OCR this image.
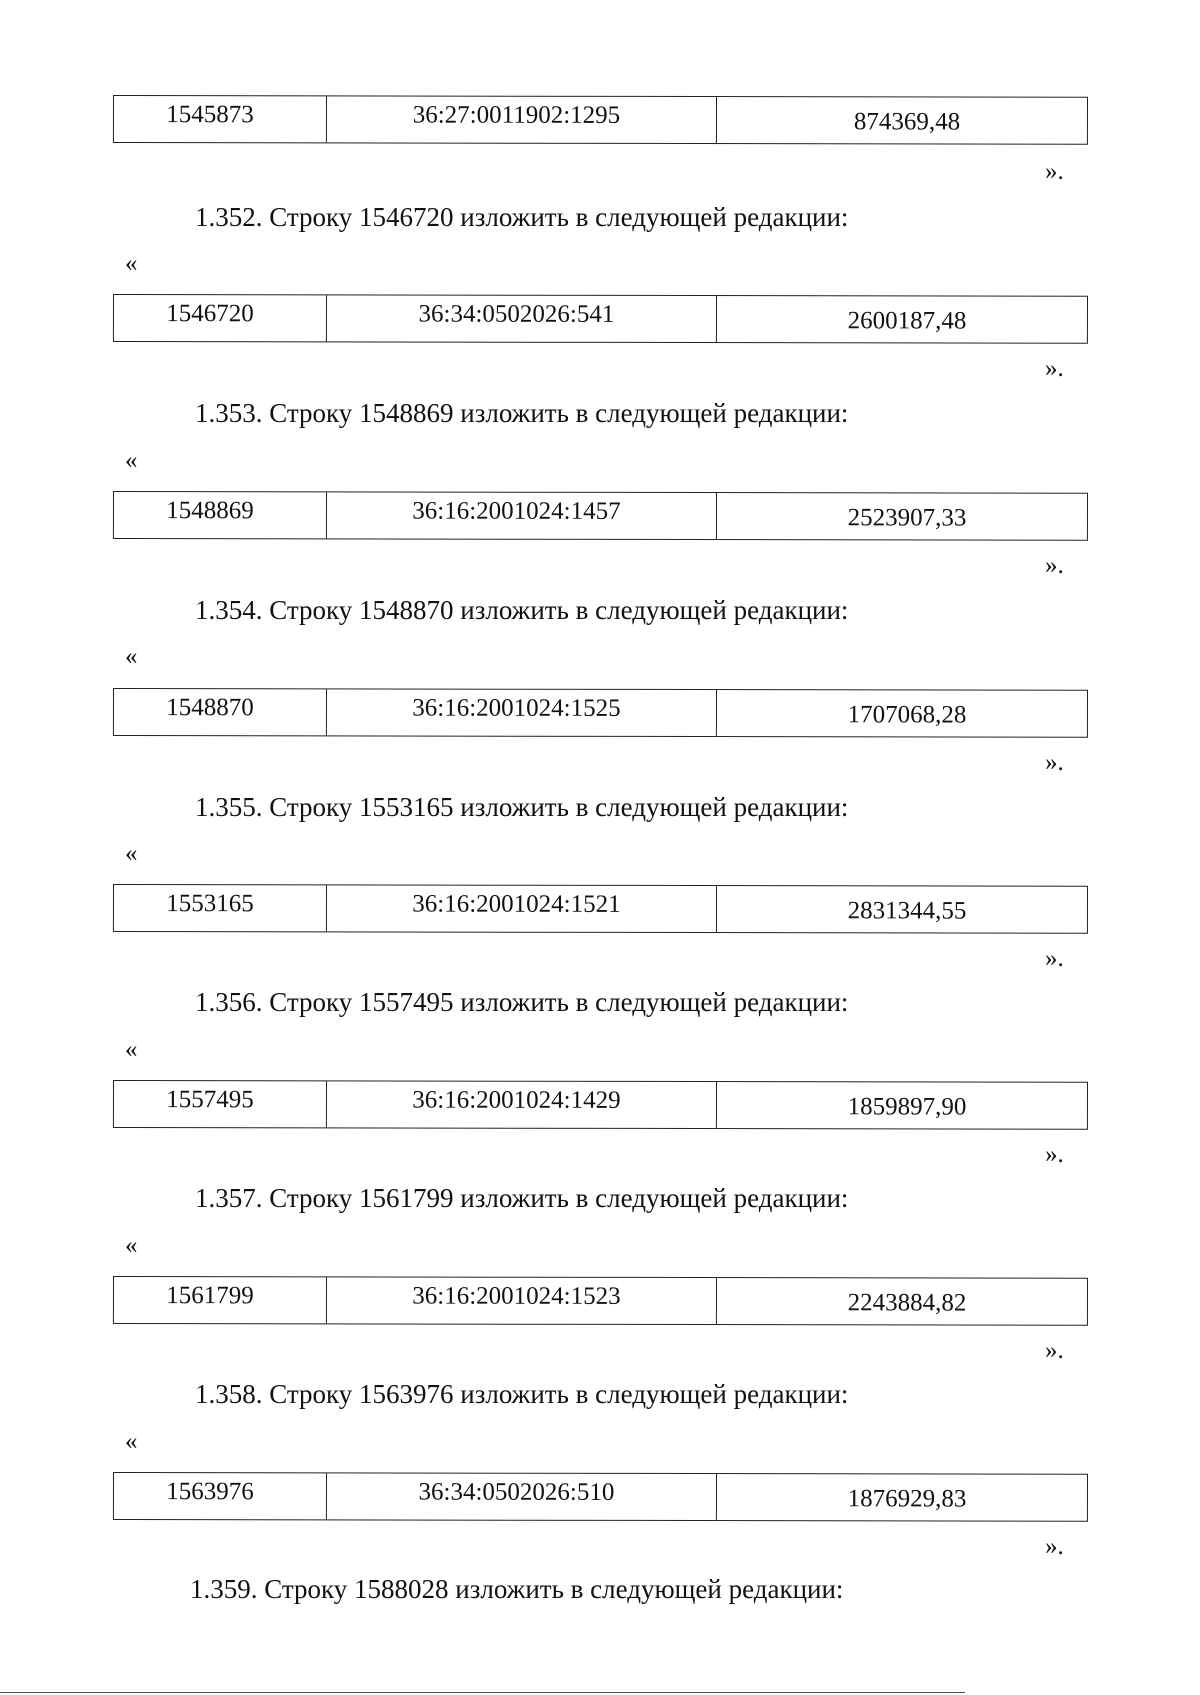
1545873	36:27:0011902:1295	874369,48
».
1.352. Строку 1546720 изложить в следующей редакции:
«
1546720	36:34:0502026:541	2600187,48
».
1.353. Строку 1548869 изложить в следующей редакции:
«
1548869	36:16:2001024:1457	2523907,33
».
1.354. Строку 1548870 изложить в следующей редакции:
«
1548870	36:16:2001024:1525	1707068,28
».
1.355. Строку 1553165 изложить в следующей редакции:
«
1553165	36:16:2001024:1521	2831344,55
».
1.356. Строку 1557495 изложить в следующей редакции:
«
1557495	36:16:2001024:1429	1859897,90
».
1.357. Строку 1561799 изложить в следующей редакции:
«
1561799	36:16:2001024:1523	2243884,82
».
1.358. Строку 1563976 изложить в следующей редакции:
«
1563976	36:34:0502026:510	1876929,83
».
1.359. Строку 1588028 изложить в следующей редакции:
